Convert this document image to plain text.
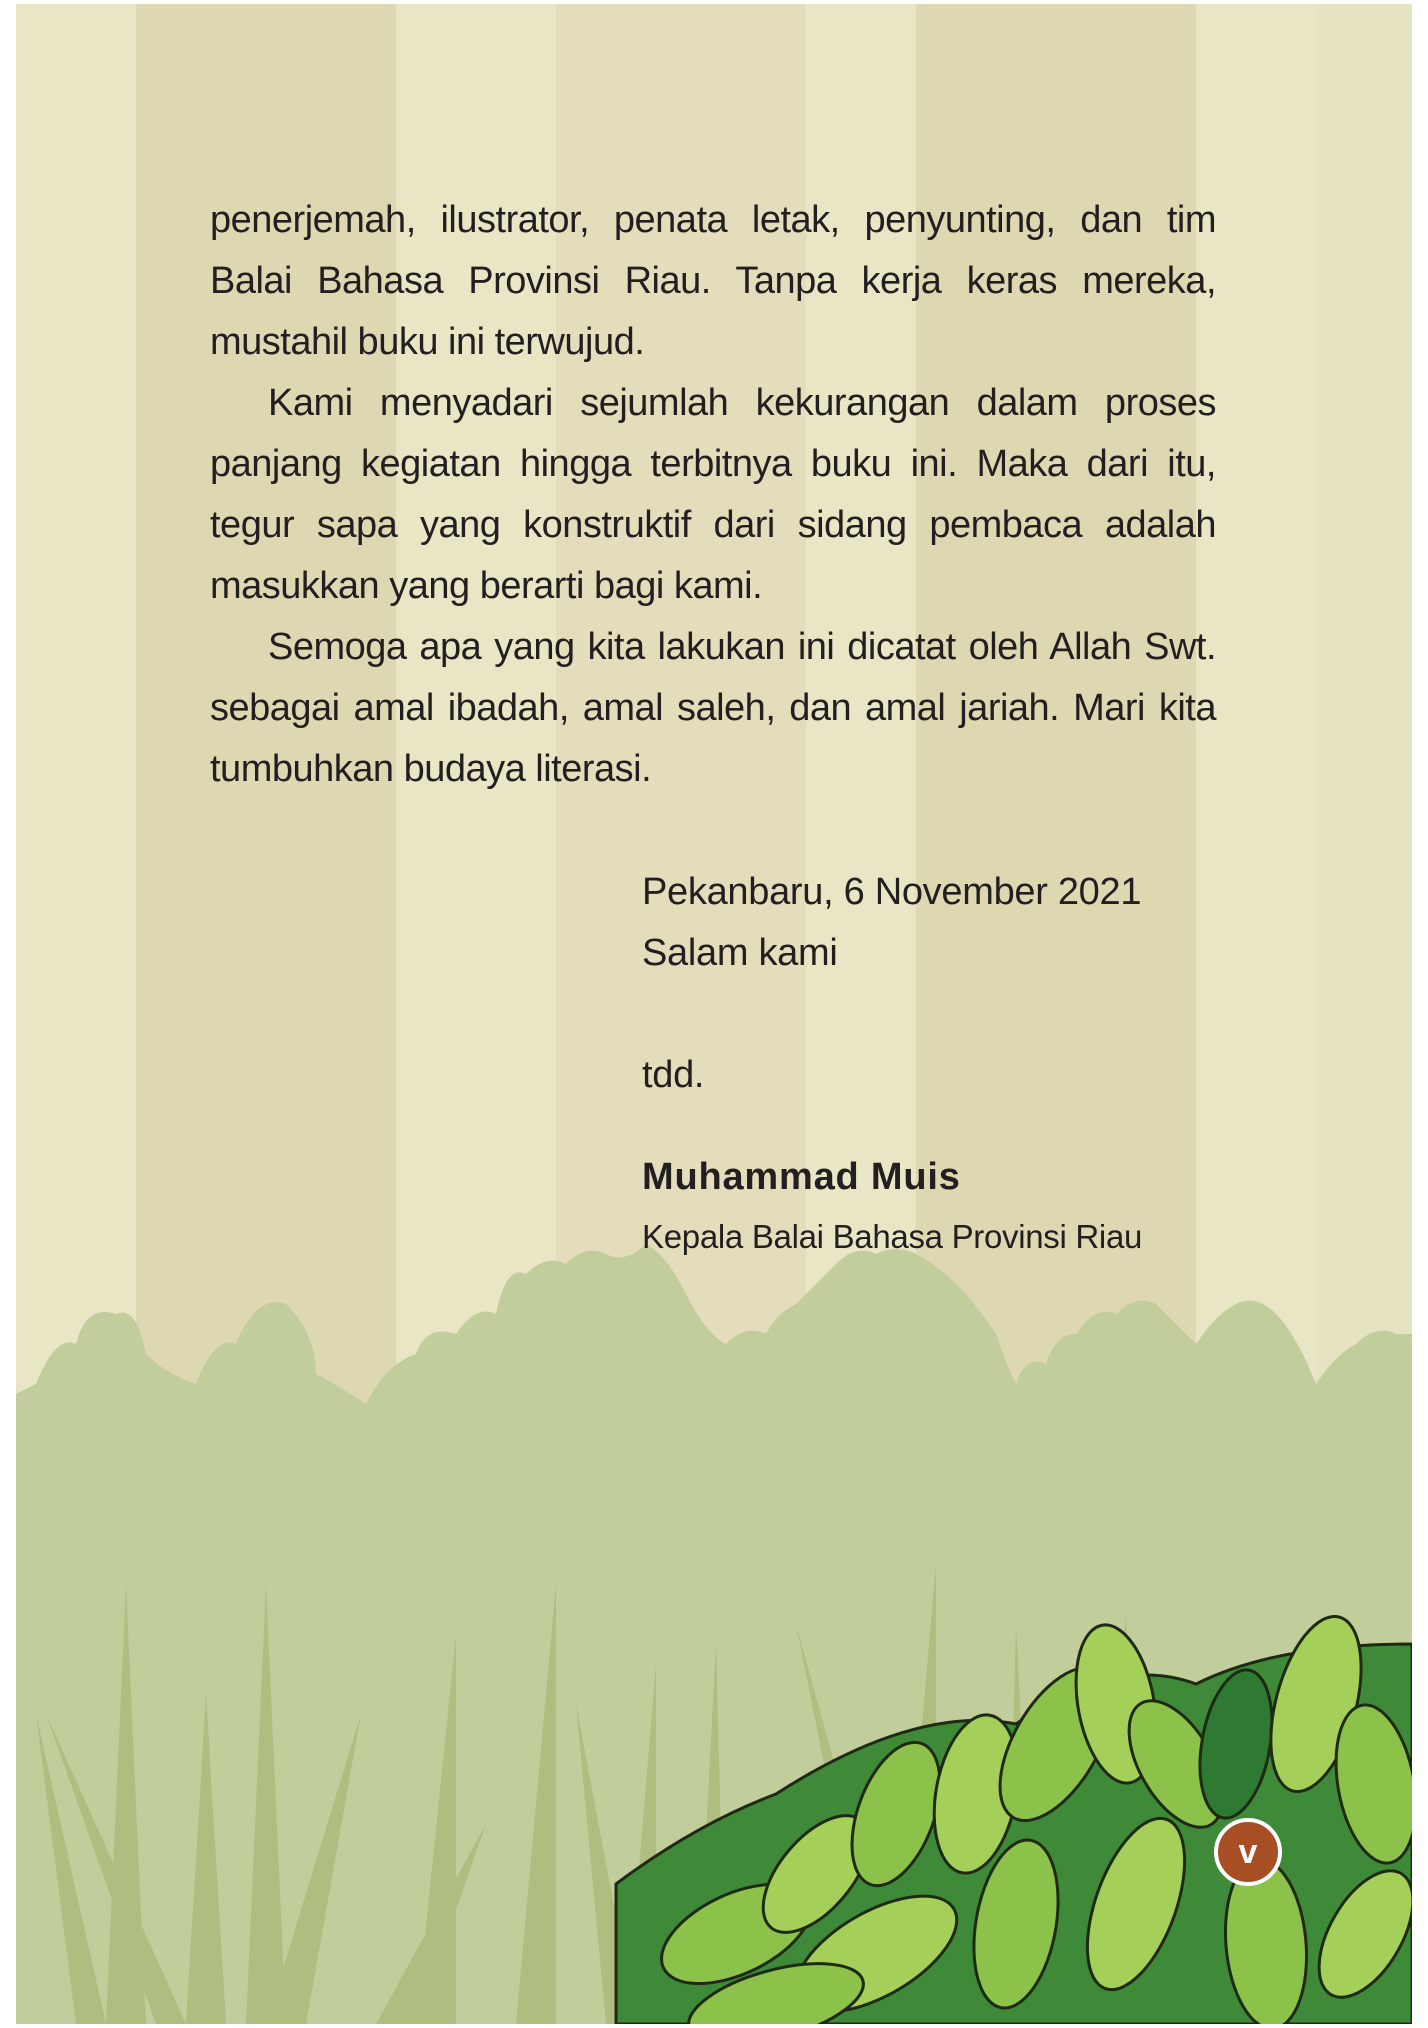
penerjemah, ilustrator, penata letak, penyunting, dan tim Balai Bahasa Provinsi Riau. Tanpa kerja keras mereka, mustahil buku ini terwujud.

Kami menyadari sejumlah kekurangan dalam proses panjang kegiatan hingga terbitnya buku ini. Maka dari itu, tegur sapa yang konstruktif dari sidang pembaca adalah masukkan yang berarti bagi kami.

Semoga apa yang kita lakukan ini dicatat oleh Allah Swt. sebagai amal ibadah, amal saleh, dan amal jariah. Mari kita tumbuhkan budaya literasi.

Pekanbaru, 6 November 2021
Salam kami
tdd.
Muhammad Muis
Kepala Balai Bahasa Provinsi Riau
v
